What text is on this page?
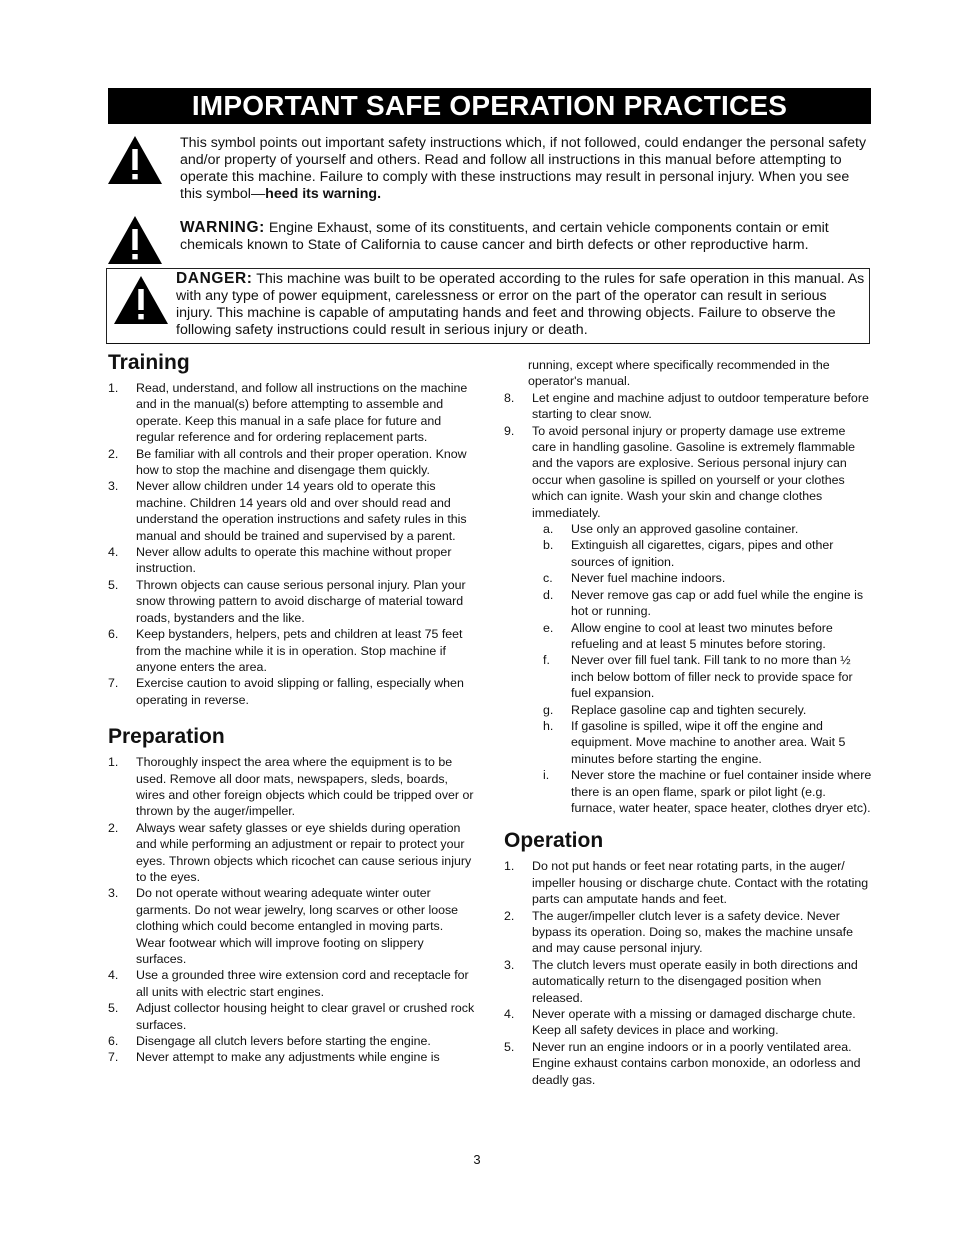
IMPORTANT SAFE OPERATION PRACTICES
This symbol points out important safety instructions which, if not followed, could endanger the personal safety and/or property of yourself and others. Read and follow all instructions in this manual before attempting to operate this machine. Failure to comply with these instructions may result in personal injury. When you see this symbol—heed its warning.
WARNING: Engine Exhaust, some of its constituents, and certain vehicle components contain or emit chemicals known to State of California to cause cancer and birth defects or other reproductive harm.
DANGER: This machine was built to be operated according to the rules for safe operation in this manual. As with any type of power equipment, carelessness or error on the part of the operator can result in serious injury. This machine is capable of amputating hands and feet and throwing objects. Failure to observe the following safety instructions could result in serious injury or death.
Training
1. Read, understand, and follow all instructions on the machine and in the manual(s) before attempting to assemble and operate. Keep this manual in a safe place for future and regular reference and for ordering replacement parts.
2. Be familiar with all controls and their proper operation. Know how to stop the machine and disengage them quickly.
3. Never allow children under 14 years old to operate this machine. Children 14 years old and over should read and understand the operation instructions and safety rules in this manual and should be trained and supervised by a parent.
4. Never allow adults to operate this machine without proper instruction.
5. Thrown objects can cause serious personal injury. Plan your snow throwing pattern to avoid discharge of material toward roads, bystanders and the like.
6. Keep bystanders, helpers, pets and children at least 75 feet from the machine while it is in operation. Stop machine if anyone enters the area.
7. Exercise caution to avoid slipping or falling, especially when operating in reverse.
Preparation
1. Thoroughly inspect the area where the equipment is to be used. Remove all door mats, newspapers, sleds, boards, wires and other foreign objects which could be tripped over or thrown by the auger/impeller.
2. Always wear safety glasses or eye shields during operation and while performing an adjustment or repair to protect your eyes. Thrown objects which ricochet can cause serious injury to the eyes.
3. Do not operate without wearing adequate winter outer garments. Do not wear jewelry, long scarves or other loose clothing which could become entangled in moving parts. Wear footwear which will improve footing on slippery surfaces.
4. Use a grounded three wire extension cord and receptacle for all units with electric start engines.
5. Adjust collector housing height to clear gravel or crushed rock surfaces.
6. Disengage all clutch levers before starting the engine.
7. Never attempt to make any adjustments while engine is
running, except where specifically recommended in the operator's manual.
8. Let engine and machine adjust to outdoor temperature before starting to clear snow.
9. To avoid personal injury or property damage use extreme care in handling gasoline. Gasoline is extremely flammable and the vapors are explosive. Serious personal injury can occur when gasoline is spilled on yourself or your clothes which can ignite. Wash your skin and change clothes immediately.
a. Use only an approved gasoline container.
b. Extinguish all cigarettes, cigars, pipes and other sources of ignition.
c. Never fuel machine indoors.
d. Never remove gas cap or add fuel while the engine is hot or running.
e. Allow engine to cool at least two minutes before refueling and at least 5 minutes before storing.
f. Never over fill fuel tank. Fill tank to no more than ½ inch below bottom of filler neck to provide space for fuel expansion.
g. Replace gasoline cap and tighten securely.
h. If gasoline is spilled, wipe it off the engine and equipment. Move machine to another area. Wait 5 minutes before starting the engine.
i. Never store the machine or fuel container inside where there is an open flame, spark or pilot light (e.g. furnace, water heater, space heater, clothes dryer etc).
Operation
1. Do not put hands or feet near rotating parts, in the auger/ impeller housing or discharge chute. Contact with the rotating parts can amputate hands and feet.
2. The auger/impeller clutch lever is a safety device. Never bypass its operation. Doing so, makes the machine unsafe and may cause personal injury.
3. The clutch levers must operate easily in both directions and automatically return to the disengaged position when released.
4. Never operate with a missing or damaged discharge chute. Keep all safety devices in place and working.
5. Never run an engine indoors or in a poorly ventilated area. Engine exhaust contains carbon monoxide, an odorless and deadly gas.
3
